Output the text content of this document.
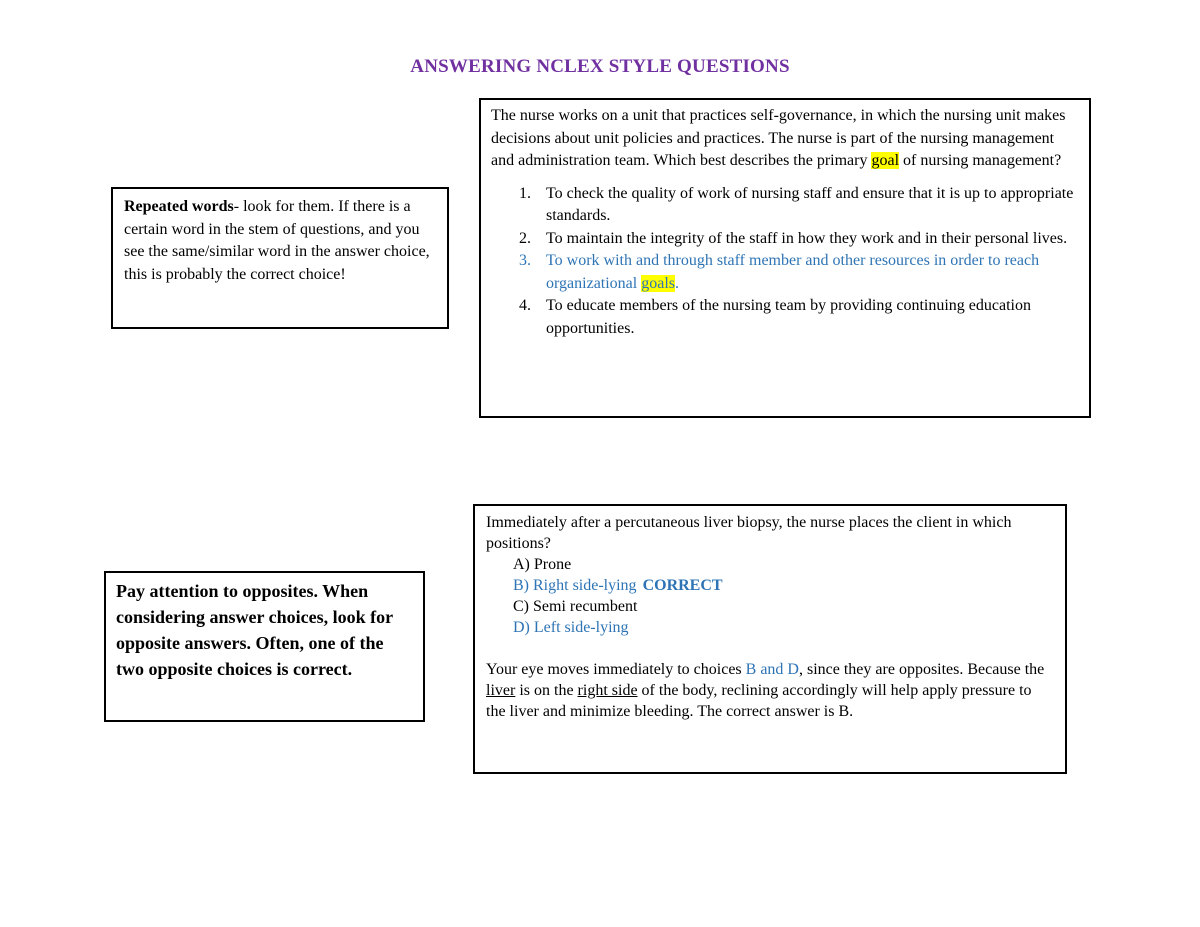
ANSWERING NCLEX STYLE QUESTIONS
Repeated words- look for them. If there is a certain word in the stem of questions, and you see the same/similar word in the answer choice, this is probably the correct choice!
Pay attention to opposites. When considering answer choices, look for opposite answers. Often, one of the two opposite choices is correct.
The nurse works on a unit that practices self-governance, in which the nursing unit makes decisions about unit policies and practices. The nurse is part of the nursing management and administration team. Which best describes the primary goal of nursing management?
1. To check the quality of work of nursing staff and ensure that it is up to appropriate standards.
2. To maintain the integrity of the staff in how they work and in their personal lives.
3. To work with and through staff member and other resources in order to reach organizational goals.
4. To educate members of the nursing team by providing continuing education opportunities.
Immediately after a percutaneous liver biopsy, the nurse places the client in which positions?
A) Prone
B) Right side-lying CORRECT
C) Semi recumbent
D) Left side-lying
Your eye moves immediately to choices B and D, since they are opposites. Because the liver is on the right side of the body, reclining accordingly will help apply pressure to the liver and minimize bleeding. The correct answer is B.
